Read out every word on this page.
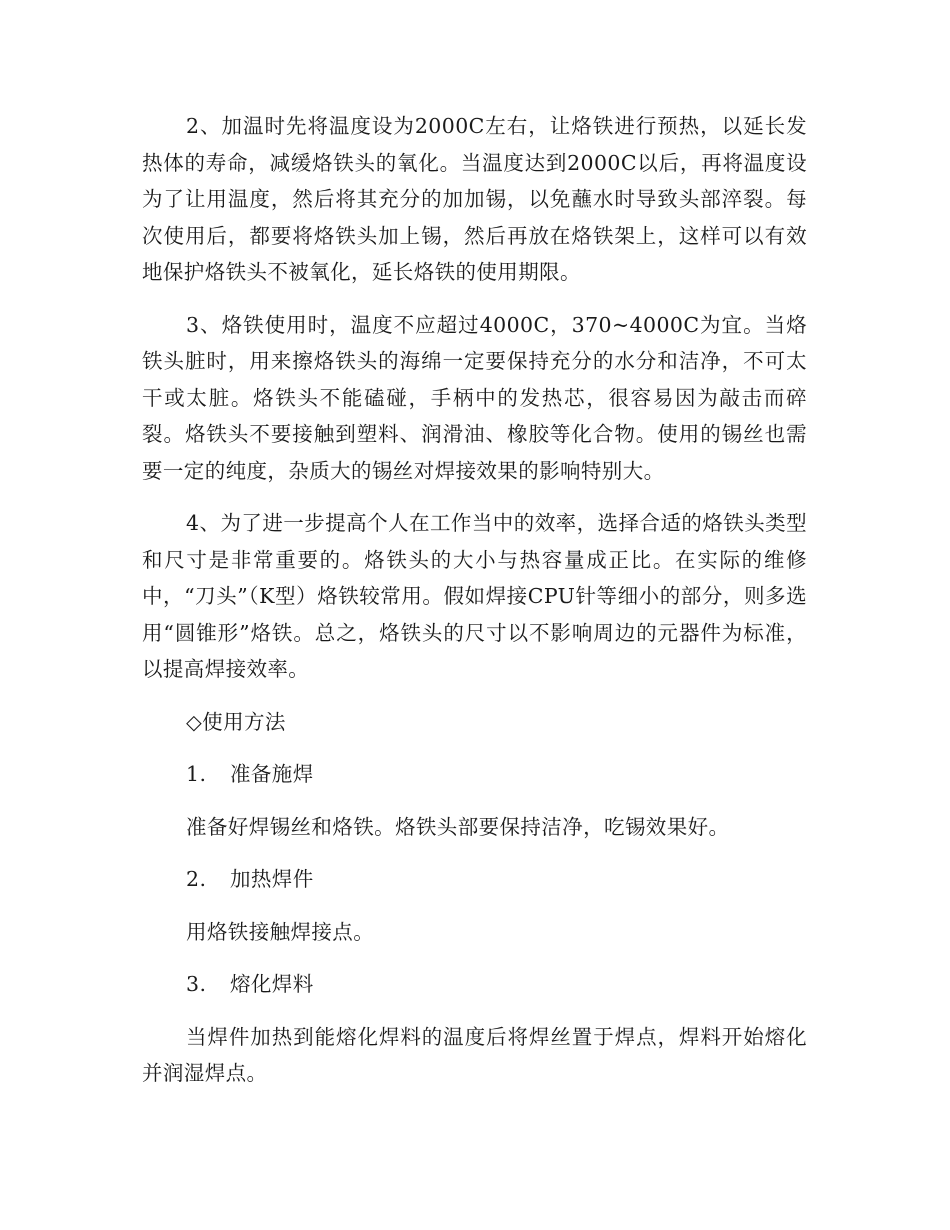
2、加温时先将温度设为2000C左右，让烙铁进行预热，以延长发热体的寿命，减缓烙铁头的氧化。当温度达到2000C以后，再将温度设为了让用温度，然后将其充分的加加锡，以免蘸水时导致头部淬裂。每次使用后，都要将烙铁头加上锡，然后再放在烙铁架上，这样可以有效地保护烙铁头不被氧化，延长烙铁的使用期限。

3、烙铁使用时，温度不应超过4000C，370~4000C为宜。当烙铁头脏时，用来擦烙铁头的海绵一定要保持充分的水分和洁净，不可太干或太脏。烙铁头不能磕碰，手柄中的发热芯，很容易因为敲击而碎裂。烙铁头不要接触到塑料、润滑油、橡胶等化合物。使用的锡丝也需要一定的纯度，杂质大的锡丝对焊接效果的影响特别大。

4、为了进一步提高个人在工作当中的效率，选择合适的烙铁头类型和尺寸是非常重要的。烙铁头的大小与热容量成正比。在实际的维修中，“刀头”（K型）烙铁较常用。假如焊接CPU针等细小的部分，则多选用“圆锥形”烙铁。总之，烙铁头的尺寸以不影响周边的元器件为标准，以提高焊接效率。

◇使用方法

1. 准备施焊

准备好焊锡丝和烙铁。烙铁头部要保持洁净，吃锡效果好。

2. 加热焊件

用烙铁接触焊接点。

3. 熔化焊料

当焊件加热到能熔化焊料的温度后将焊丝置于焊点，焊料开始熔化并润湿焊点。
